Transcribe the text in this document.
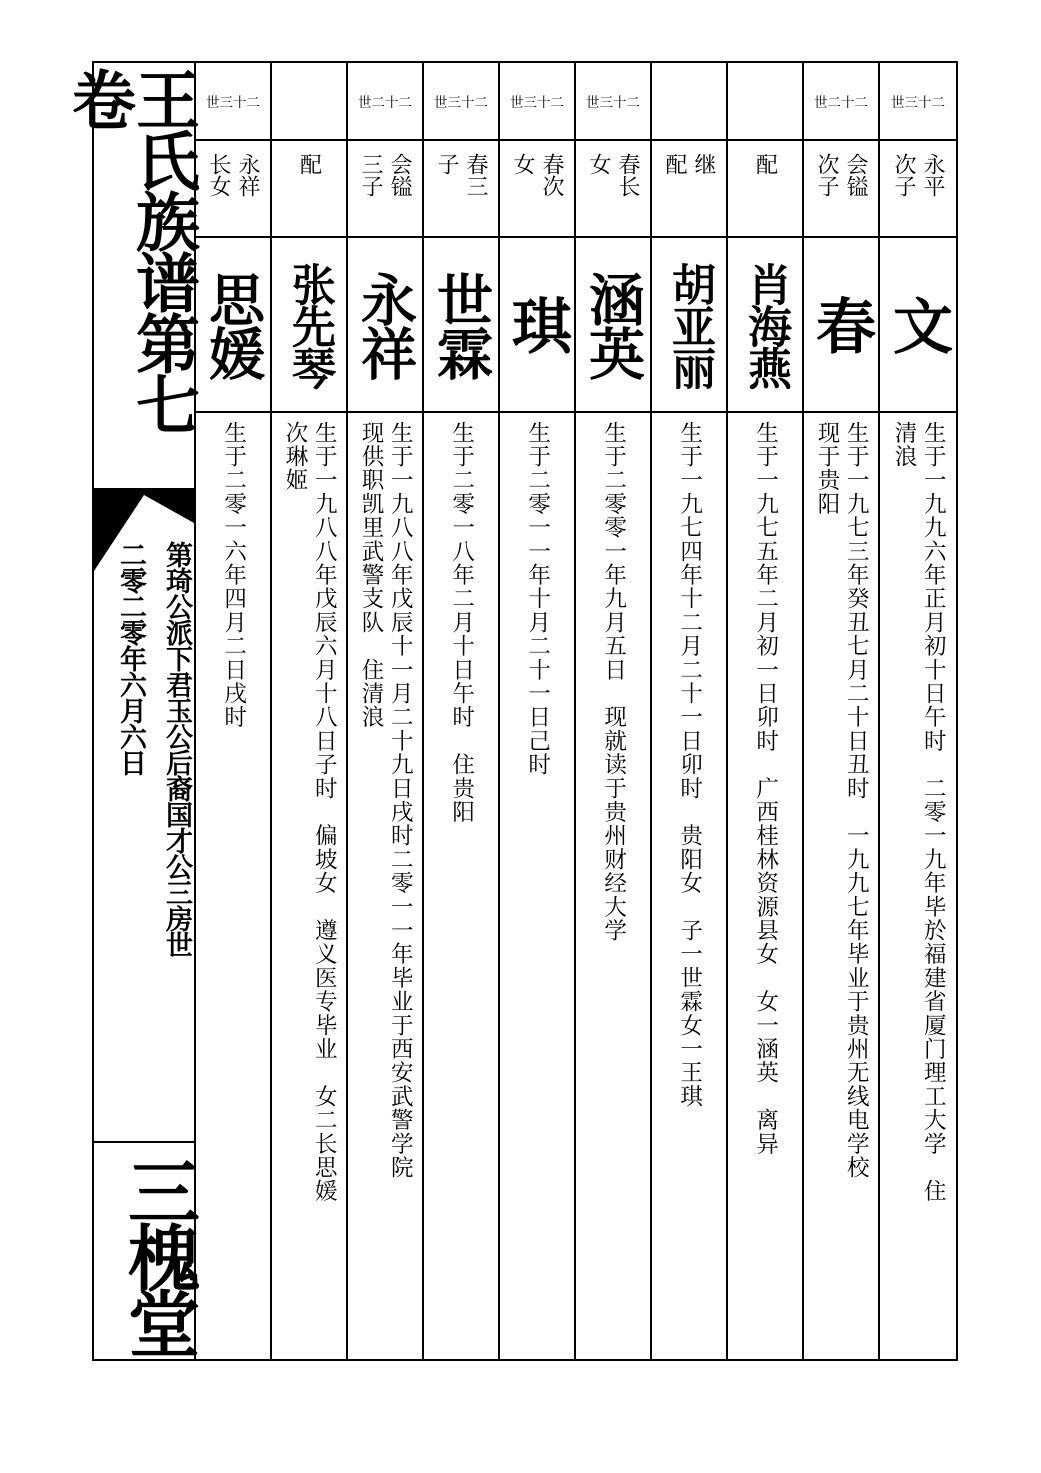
王氏族谱第七卷
第琦公派下君玉公后裔国才公三房世
二零二零年六月六日
三槐堂
世三十二
永祥
长女
思媛
生于二零一六年四月二日戌时
配
张先琴
生于一九八八年戊辰六月十八日子时　偏坡女　遵义医专毕业　女二长思媛
次琳姬
世二十二
会镒
三子
永祥
生于一九八八年戊辰十一月二十九日戌时二零一一年毕业于西安武警学院
现供职凯里武警支队　住清浪
世三十二
春三
子
世霖
生于二零一八年二月十日午时　住贵阳
世三十二
春次
女
琪
生于二零一一年十月二十一日己时
世三十二
春长
女
涵英
生于二零零一年九月五日　现就读于贵州财经大学
继
配
胡亚丽
生于一九七四年十二月二十一日卯时　贵阳女　子一世霖女一王琪
配
肖海燕
生于一九七五年二月初一日卯时　广西桂林资源县女　女一涵英　离异
世二十二
会镒
次子
春
生于一九七三年癸丑七月二十日丑时　一九九七年毕业于贵州无线电学校
现于贵阳
世三十二
永平
次子
文
生于一九九六年正月初十日午时　二零一九年毕於福建省厦门理工大学　住
清浪
